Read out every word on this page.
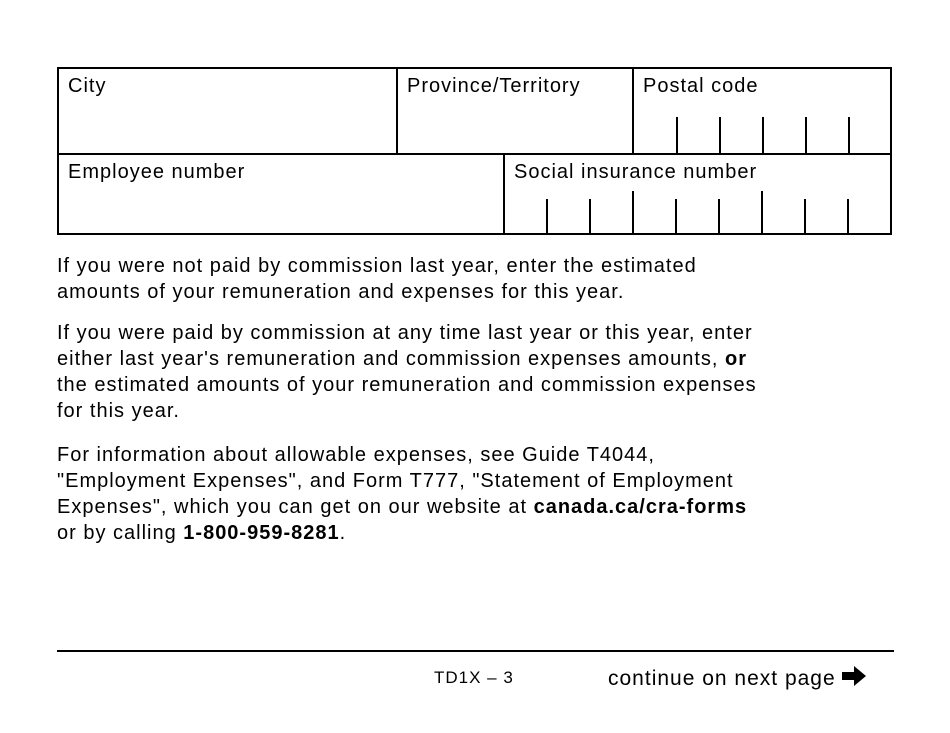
City	Province/Territory	Postal code
Employee number	Social insurance number

If you were not paid by commission last year, enter the estimated
amounts of your remuneration and expenses for this year.

If you were paid by commission at any time last year or this year, enter
either last year's remuneration and commission expenses amounts, or
the estimated amounts of your remuneration and commission expenses
for this year.

For information about allowable expenses, see Guide T4044,
"Employment Expenses", and Form T777, "Statement of Employment
Expenses", which you can get on our website at canada.ca/cra-forms
or by calling 1-800-959-8281.

TD1X – 3	continue on next page
